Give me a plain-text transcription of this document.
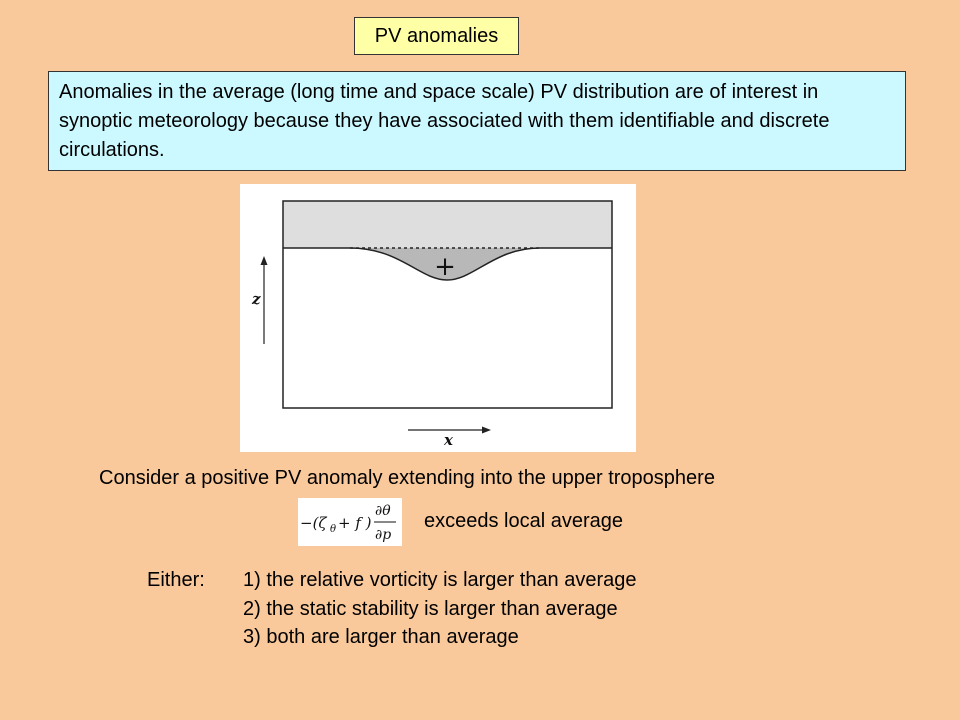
PV anomalies
Anomalies in the average (long time and space scale) PV distribution are of interest in synoptic meteorology because they have associated with them identifiable and discrete circulations.
+
z
x
Consider a positive PV anomaly extending into the upper troposphere
−(ζ θ + f )
∂θ
∂p
exceeds local average
Either: 1) the relative vorticity is larger than average
2) the static stability is larger than average
3) both are larger than average
